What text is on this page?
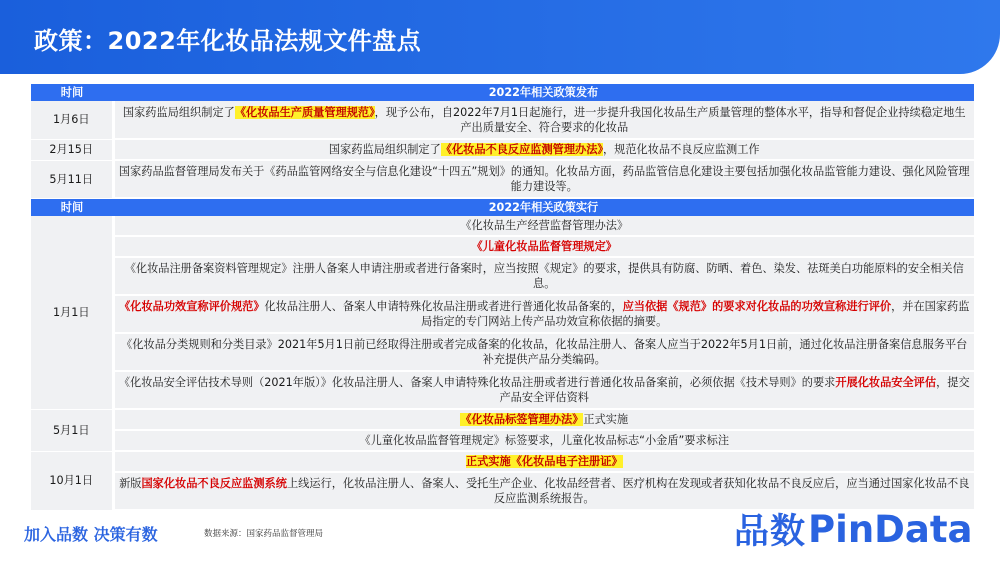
政策：2022年化妆品法规文件盘点
时间	2022年相关政策发布
1月6日	国家药监局组织制定了《化妆品生产质量管理规范》，现予公布，自2022年7月1日起施行，进一步提升我国化妆品生产质量管理的整体水平，指导和督促企业持续稳定地生产出质量安全、符合要求的化妆品
2月15日	国家药监局组织制定了《化妆品不良反应监测管理办法》，规范化妆品不良反应监测工作
5月11日	国家药品监督管理局发布关于《药品监管网络安全与信息化建设“十四五”规划》的通知。化妆品方面，药品监管信息化建设主要包括加强化妆品监管能力建设、强化风险管理能力建设等。
时间	2022年相关政策实行
1月1日	《化妆品生产经营监督管理办法》
	《儿童化妆品监督管理规定》
	《化妆品注册备案资料管理规定》注册人备案人申请注册或者进行备案时，应当按照《规定》的要求，提供具有防腐、防晒、着色、染发、祛斑美白功能原料的安全相关信息。
	《化妆品功效宣称评价规范》化妆品注册人、备案人申请特殊化妆品注册或者进行普通化妆品备案的，应当依据《规范》的要求对化妆品的功效宣称进行评价，并在国家药监局指定的专门网站上传产品功效宣称依据的摘要。
	《化妆品分类规则和分类目录》2021年5月1日前已经取得注册或者完成备案的化妆品，化妆品注册人、备案人应当于2022年5月1日前，通过化妆品注册备案信息服务平台补充提供产品分类编码。
	《化妆品安全评估技术导则（2021年版）》化妆品注册人、备案人申请特殊化妆品注册或者进行普通化妆品备案前，必须依据《技术导则》的要求开展化妆品安全评估，提交产品安全评估资料
5月1日	《化妆品标签管理办法》正式实施
	《儿童化妆品监督管理规定》标签要求，儿童化妆品标志“小金盾”要求标注
10月1日	正式实施《化妆品电子注册证》
	新版国家化妆品不良反应监测系统上线运行，化妆品注册人、备案人、受托生产企业、化妆品经营者、医疗机构在发现或者获知化妆品不良反应后，应当通过国家化妆品不良反应监测系统报告。
加入品数 决策有数	数据来源：国家药品监督管理局	品数 PinData
